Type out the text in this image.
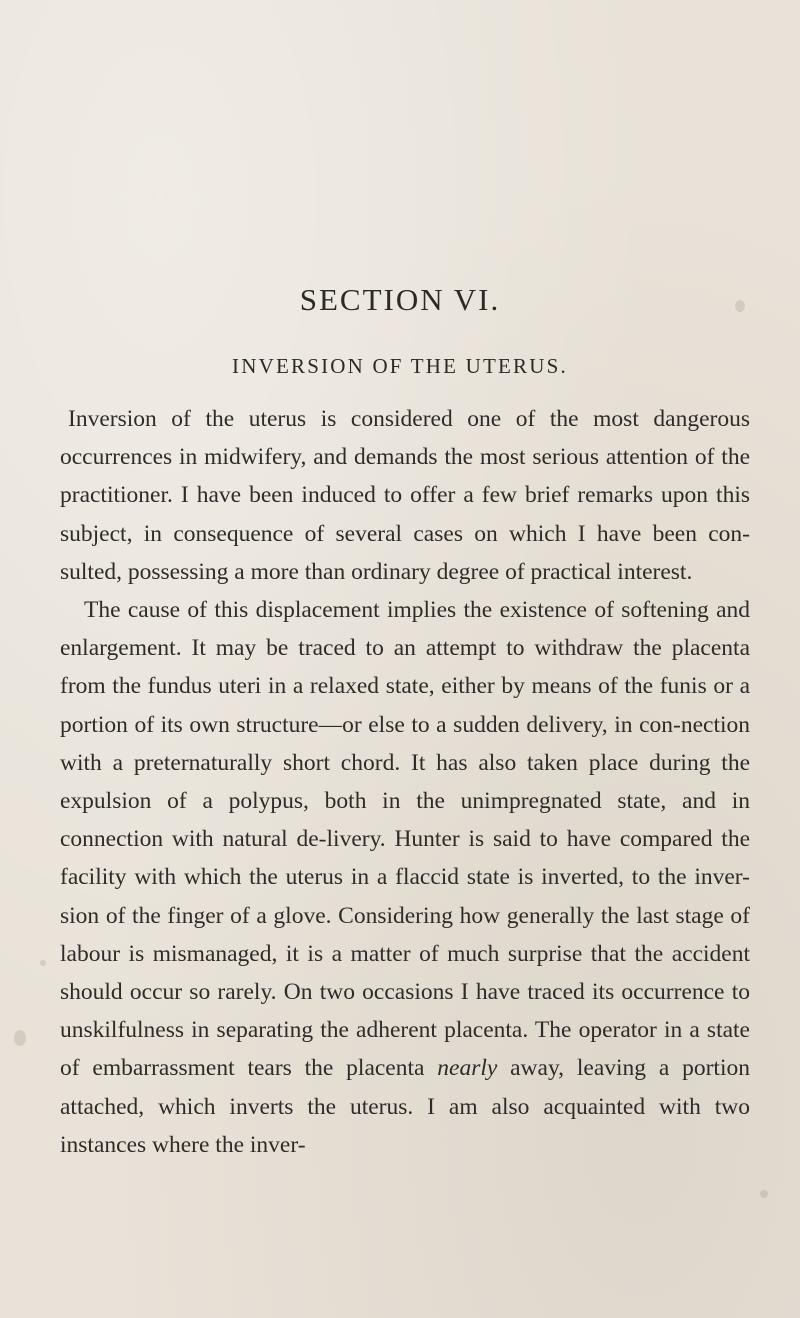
SECTION VI.
INVERSION OF THE UTERUS.

Inversion of the uterus is considered one of the most dangerous occurrences in midwifery, and demands the most serious attention of the practitioner. I have been induced to offer a few brief remarks upon this subject, in consequence of several cases on which I have been con-sulted, possessing a more than ordinary degree of practical interest.

The cause of this displacement implies the existence of softening and enlargement. It may be traced to an attempt to withdraw the placenta from the fundus uteri in a relaxed state, either by means of the funis or a portion of its own structure—or else to a sudden delivery, in con-nection with a preternaturally short chord. It has also taken place during the expulsion of a polypus, both in the unimpregnated state, and in connection with natural de-livery. Hunter is said to have compared the facility with which the uterus in a flaccid state is inverted, to the inver-sion of the finger of a glove. Considering how generally the last stage of labour is mismanaged, it is a matter of much surprise that the accident should occur so rarely. On two occasions I have traced its occurrence to unskilfulness in separating the adherent placenta. The operator in a state of embarrassment tears the placenta nearly away, leaving a portion attached, which inverts the uterus. I am also acquainted with two instances where the inver-
